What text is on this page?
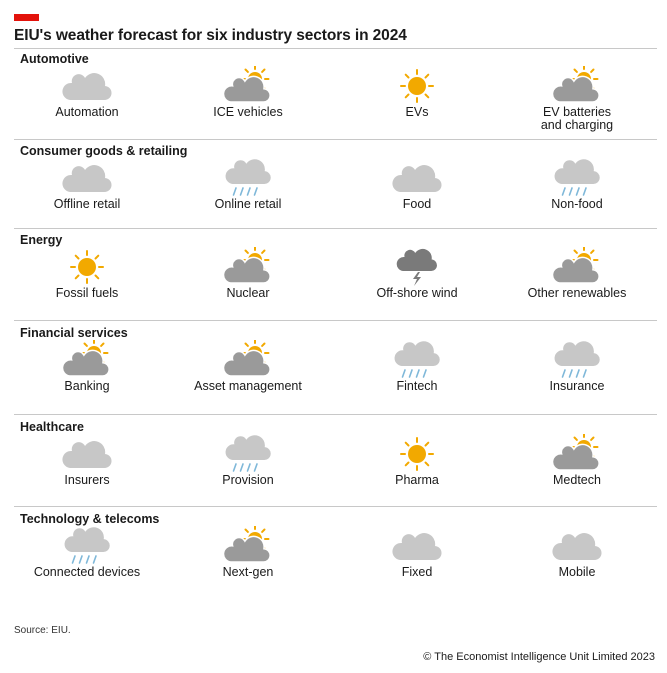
EIU's weather forecast for six industry sectors in 2024
Automotive
Automation	ICE vehicles	EVs	EV batteries and charging
Consumer goods & retailing
Offline retail	Online retail	Food	Non-food
Energy
Fossil fuels	Nuclear	Off-shore wind	Other renewables
Financial services
Banking	Asset management	Fintech	Insurance
Healthcare
Insurers	Provision	Pharma	Medtech
Technology & telecoms
Connected devices	Next-gen	Fixed	Mobile
Source: EIU.
© The Economist Intelligence Unit Limited 2023
